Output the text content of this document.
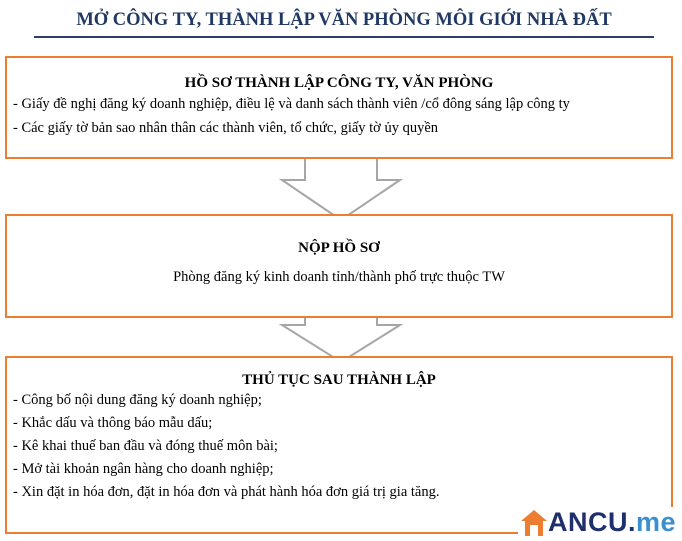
MỞ CÔNG TY, THÀNH LẬP VĂN PHÒNG MÔI GIỚI NHÀ ĐẤT
HỒ SƠ THÀNH LẬP CÔNG TY, VĂN PHÒNG
- Giấy đề nghị đăng ký doanh nghiệp, điều lệ và danh sách thành viên /cổ đông sáng lập công ty
- Các giấy tờ bản sao nhân thân các thành viên, tổ chức, giấy tờ ủy quyền
NỘP HỒ SƠ
Phòng đăng ký kinh doanh tỉnh/thành phố trực thuộc TW
THỦ TỤC SAU THÀNH LẬP
- Công bố nội dung đăng ký doanh nghiệp;
- Khắc dấu và thông báo mẫu dấu;
- Kê khai thuế ban đầu và đóng thuế môn bài;
- Mở tài khoản ngân hàng cho doanh nghiệp;
- Xin đặt in hóa đơn, đặt in hóa đơn và phát hành hóa đơn giá trị gia tăng.
ANCU.me
